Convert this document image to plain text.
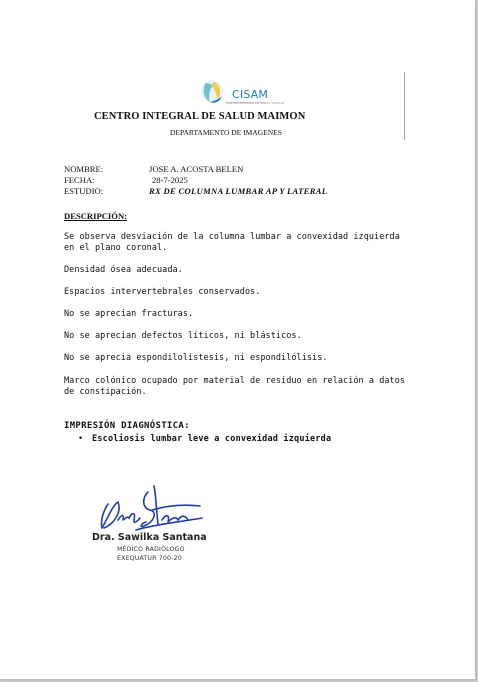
CISAM
CENTRO INTEGRAL DE SALUD MAIMON
CENTRO INTEGRAL DE SALUD MAIMON
DEPARTAMENTO DE IMAGENES
NOMBRE:	JOSE A. ACOSTA BELEN
FECHA:	28-7-2025
ESTUDIO:	RX DE COLUMNA LUMBAR AP Y LATERAL
DESCRIPCIÓN:
Se observa desviación de la columna lumbar a convexidad izquierda en el plano coronal.
Densidad ósea adecuada.
Espacios intervertebrales conservados.
No se aprecian fracturas.
No se aprecian defectos líticos, ni blásticos.
No se aprecia espondilolistesis, ni espondilólisis.
Marco colónico ocupado por material de residuo en relación a datos de constipación.
IMPRESIÓN DIAGNÓSTICA:
• Escoliosis lumbar leve a convexidad izquierda
Dra. Sawilka Santana
MÉDICO RADIÓLOGO
EXEQUATUR 700-20
